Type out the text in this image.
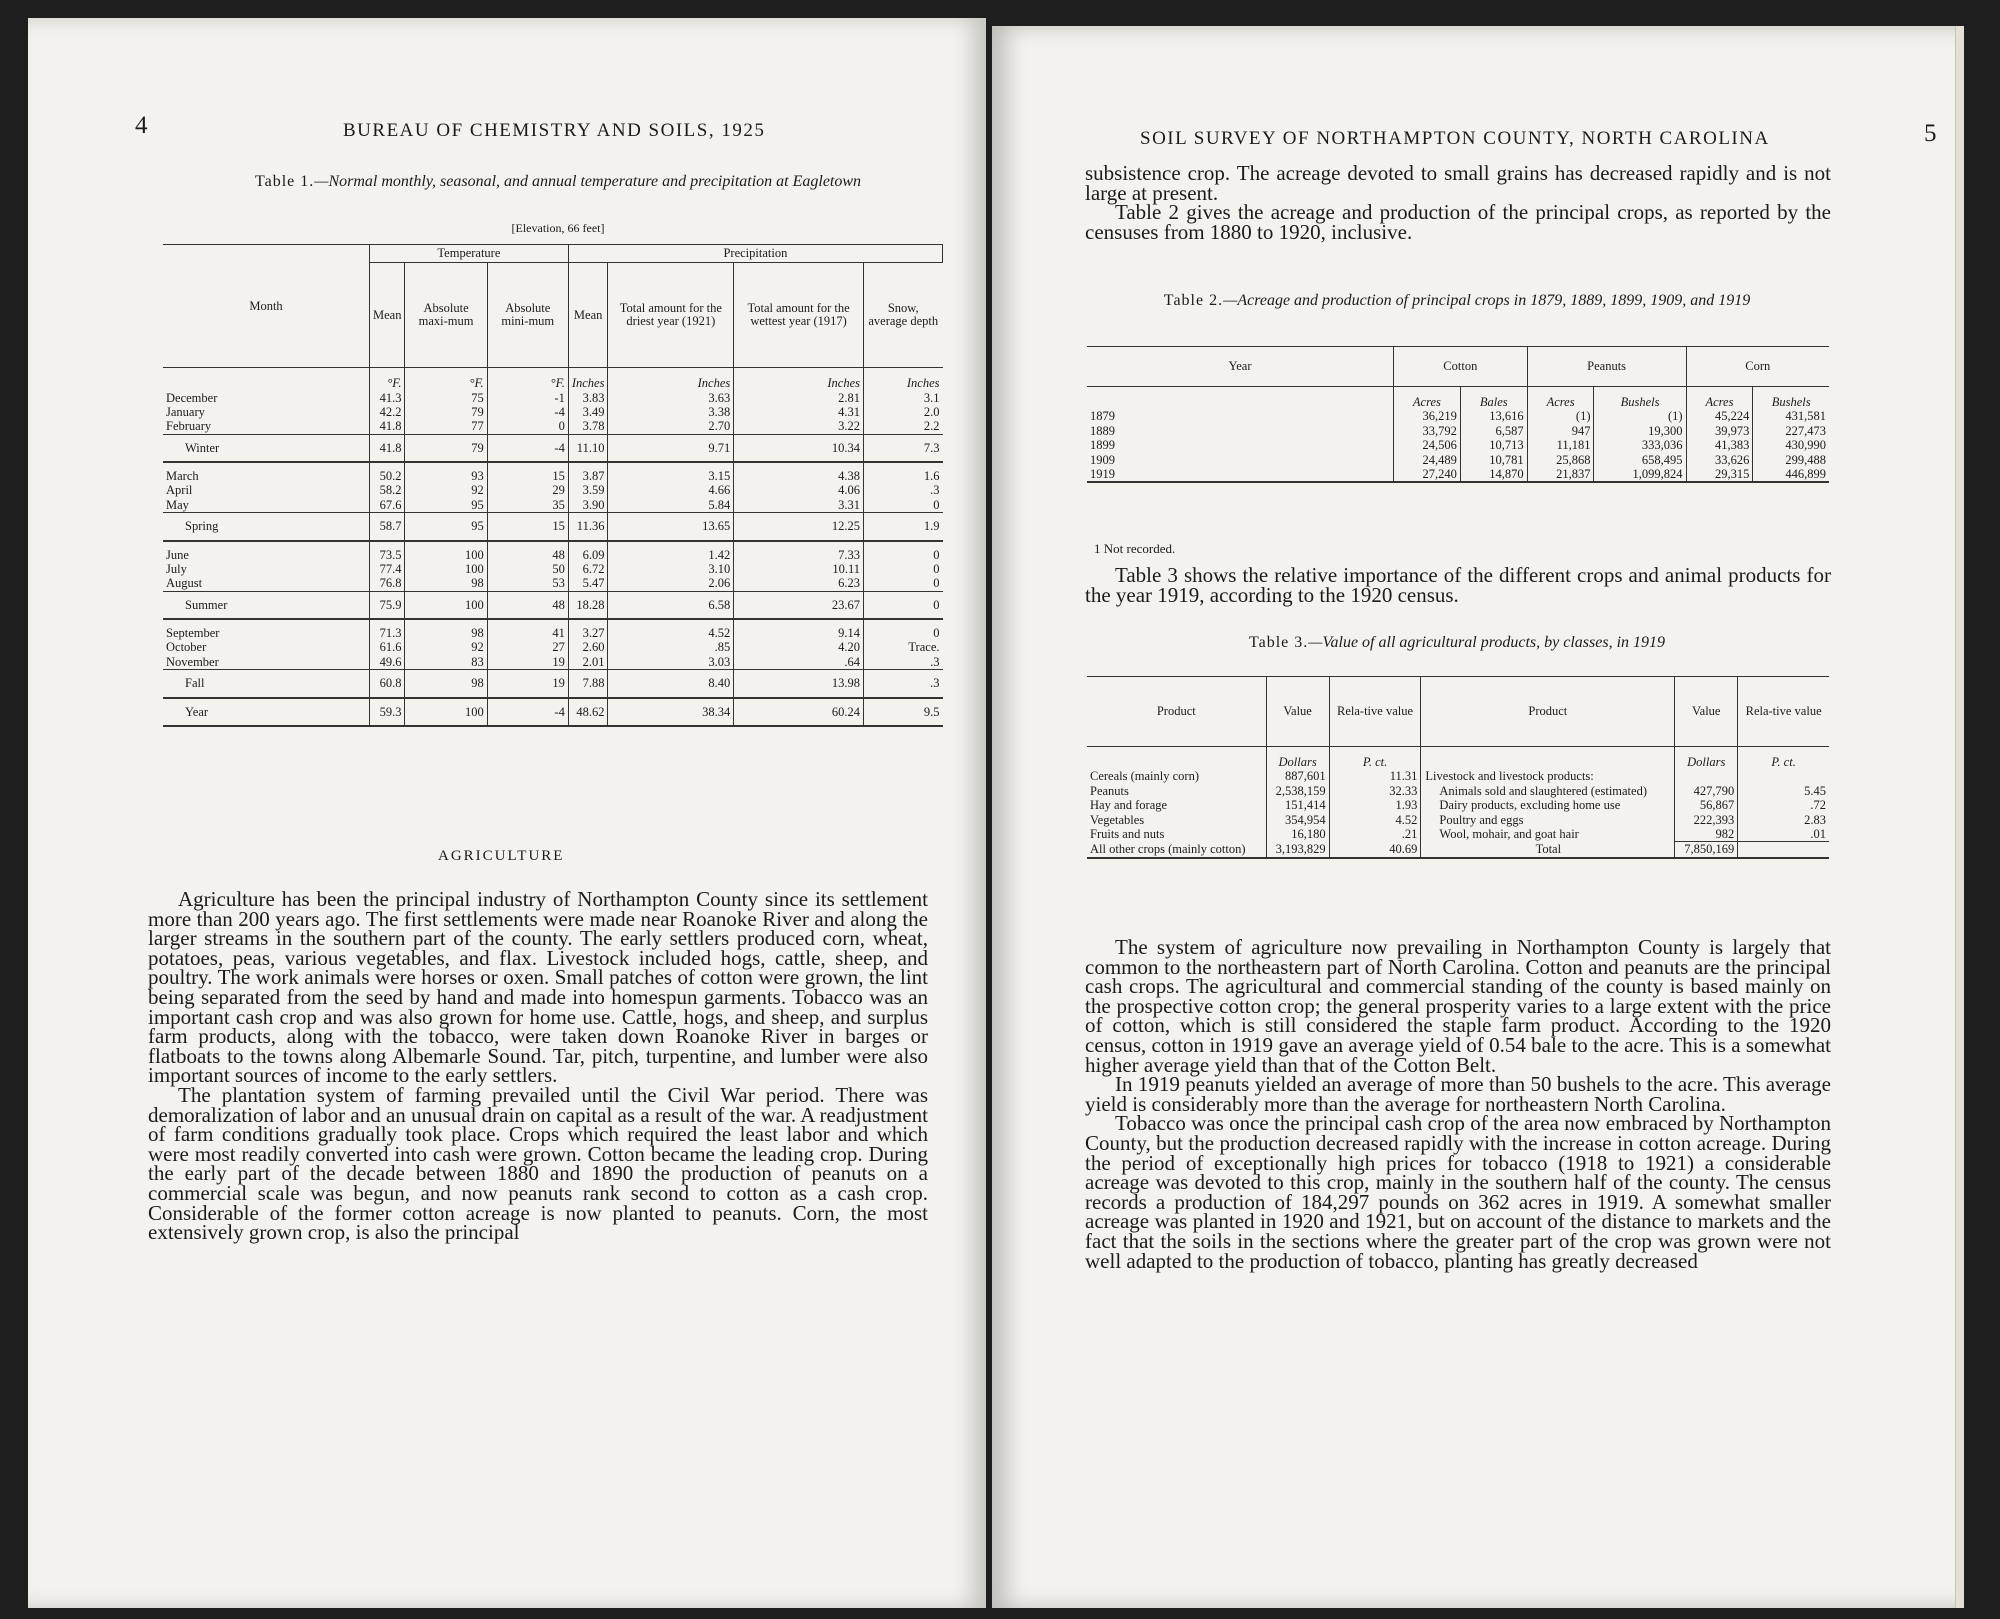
4	BUREAU OF CHEMISTRY AND SOILS, 1925
Table 1.—Normal monthly, seasonal, and annual temperature and precipitation at Eagletown
[Elevation, 66 feet]
Month	Temperature			Precipitation			
	Mean	Absolute maxi-mum	Absolute mini-mum	Mean	Total amount for the driest year (1921)	Total amount for the wettest year (1917)	Snow, average depth
	°F.	°F.	°F.	Inches	Inches	Inches	Inches
December	41.3	75	-1	3.83	3.63	2.81	3.1
January	42.2	79	-4	3.49	3.38	4.31	2.0
February	41.8	77	0	3.78	2.70	3.22	2.2
Winter	41.8	79	-4	11.10	9.71	10.34	7.3
March	50.2	93	15	3.87	3.15	4.38	1.6
April	58.2	92	29	3.59	4.66	4.06	.3
May	67.6	95	35	3.90	5.84	3.31	0
Spring	58.7	95	15	11.36	13.65	12.25	1.9
June	73.5	100	48	6.09	1.42	7.33	0
July	77.4	100	50	6.72	3.10	10.11	0
August	76.8	98	53	5.47	2.06	6.23	0
Summer	75.9	100	48	18.28	6.58	23.67	0
September	71.3	98	41	3.27	4.52	9.14	0
October	61.6	92	27	2.60	.85	4.20	Trace.
November	49.6	83	19	2.01	3.03	.64	.3
Fall	60.8	98	19	7.88	8.40	13.98	.3
Year	59.3	100	-4	48.62	38.34	60.24	9.5
AGRICULTURE

Agriculture has been the principal industry of Northampton County since its settlement more than 200 years ago. The first settlements were made near Roanoke River and along the larger streams in the southern part of the county. The early settlers produced corn, wheat, potatoes, peas, various vegetables, and flax. Livestock included hogs, cattle, sheep, and poultry. The work animals were horses or oxen. Small patches of cotton were grown, the lint being separated from the seed by hand and made into homespun garments. Tobacco was an important cash crop and was also grown for home use. Cattle, hogs, and sheep, and surplus farm products, along with the tobacco, were taken down Roanoke River in barges or flatboats to the towns along Albemarle Sound. Tar, pitch, turpentine, and lumber were also important sources of income to the early settlers.

The plantation system of farming prevailed until the Civil War period. There was demoralization of labor and an unusual drain on capital as a result of the war. A readjustment of farm conditions gradually took place. Crops which required the least labor and which were most readily converted into cash were grown. Cotton became the leading crop. During the early part of the decade between 1880 and 1890 the production of peanuts on a commercial scale was begun, and now peanuts rank second to cotton as a cash crop. Considerable of the former cotton acreage is now planted to peanuts. Corn, the most extensively grown crop, is also the principal

SOIL SURVEY OF NORTHAMPTON COUNTY, NORTH CAROLINA	5

subsistence crop. The acreage devoted to small grains has decreased rapidly and is not large at present.

Table 2 gives the acreage and production of the principal crops, as reported by the censuses from 1880 to 1920, inclusive.

Table 2.—Acreage and production of principal crops in 1879, 1889, 1899, 1909, and 1919
Year	Cotton		Peanuts		Corn	
	Acres	Bales	Acres	Bushels	Acres	Bushels
1879	36,219	13,616	(1)	(1)	45,224	431,581
1889	33,792	6,587	947	19,300	39,973	227,473
1899	24,506	10,713	11,181	333,036	41,383	430,990
1909	24,489	10,781	25,868	658,495	33,626	299,488
1919	27,240	14,870	21,837	1,099,824	29,315	446,899

1 Not recorded.

Table 3 shows the relative importance of the different crops and animal products for the year 1919, according to the 1920 census.

Table 3.—Value of all agricultural products, by classes, in 1919
Product	Value	Rela-tive value	Product	Value	Rela-tive value
	Dollars	P. ct.		Dollars	P. ct.
Cereals (mainly corn)	887,601	11.31	Livestock and livestock products:		
Peanuts	2,538,159	32.33	Animals sold and slaughtered (estimated)	427,790	5.45
Hay and forage	151,414	1.93	Dairy products, excluding home use	56,867	.72
Vegetables	354,954	4.52	Poultry and eggs	222,393	2.83
Fruits and nuts	16,180	.21	Wool, mohair, and goat hair	982	.01
All other crops (mainly cotton)	3,193,829	40.69	Total	7,850,169	

The system of agriculture now prevailing in Northampton County is largely that common to the northeastern part of North Carolina. Cotton and peanuts are the principal cash crops. The agricultural and commercial standing of the county is based mainly on the prospective cotton crop; the general prosperity varies to a large extent with the price of cotton, which is still considered the staple farm product. According to the 1920 census, cotton in 1919 gave an average yield of 0.54 bale to the acre. This is a somewhat higher average yield than that of the Cotton Belt.

In 1919 peanuts yielded an average of more than 50 bushels to the acre. This average yield is considerably more than the average for northeastern North Carolina.

Tobacco was once the principal cash crop of the area now embraced by Northampton County, but the production decreased rapidly with the increase in cotton acreage. During the period of exceptionally high prices for tobacco (1918 to 1921) a considerable acreage was devoted to this crop, mainly in the southern half of the county. The census records a production of 184,297 pounds on 362 acres in 1919. A somewhat smaller acreage was planted in 1920 and 1921, but on account of the distance to markets and the fact that the soils in the sections where the greater part of the crop was grown were not well adapted to the production of tobacco, planting has greatly decreased
